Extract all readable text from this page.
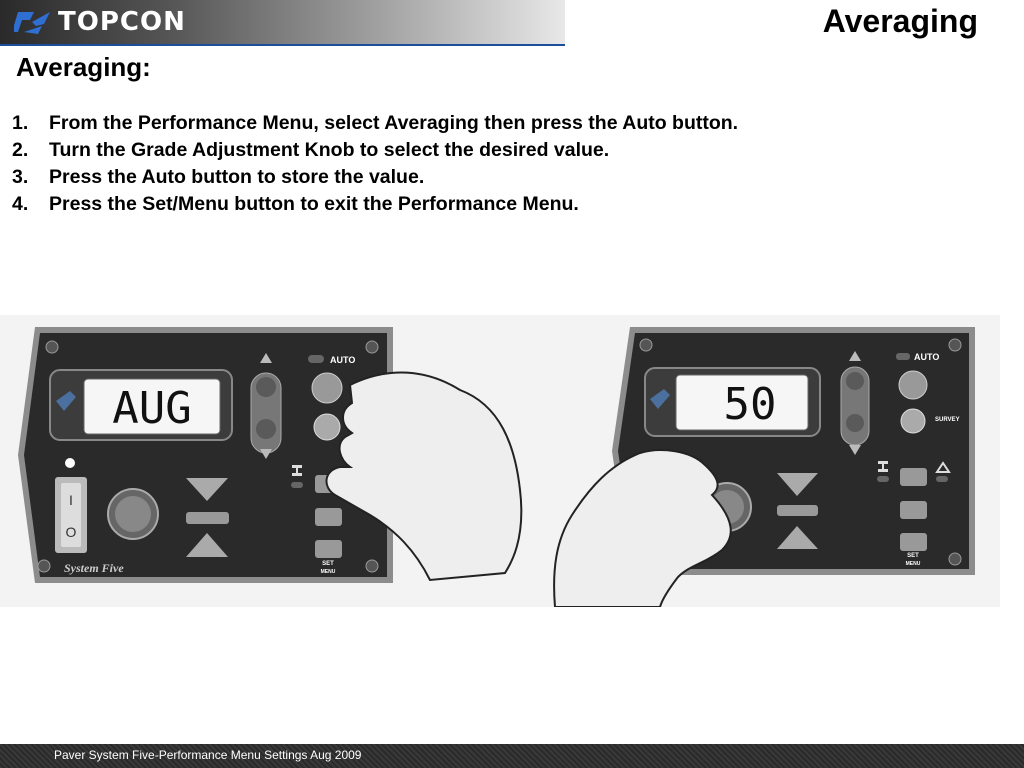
TOPCON	Averaging
Averaging:
1. From the Performance Menu, select Averaging then press the Auto button.
2. Turn the Grade Adjustment Knob to select the desired value.
3. Press the Auto button to store the value.
4. Press the Set/Menu button to exit the Performance Menu.
AUG
AUTO
SET
MENU
I
O
System Five
50
AUTO
SURVEY
SET
MENU
Paver System Five-Performance Menu Settings Aug 2009
